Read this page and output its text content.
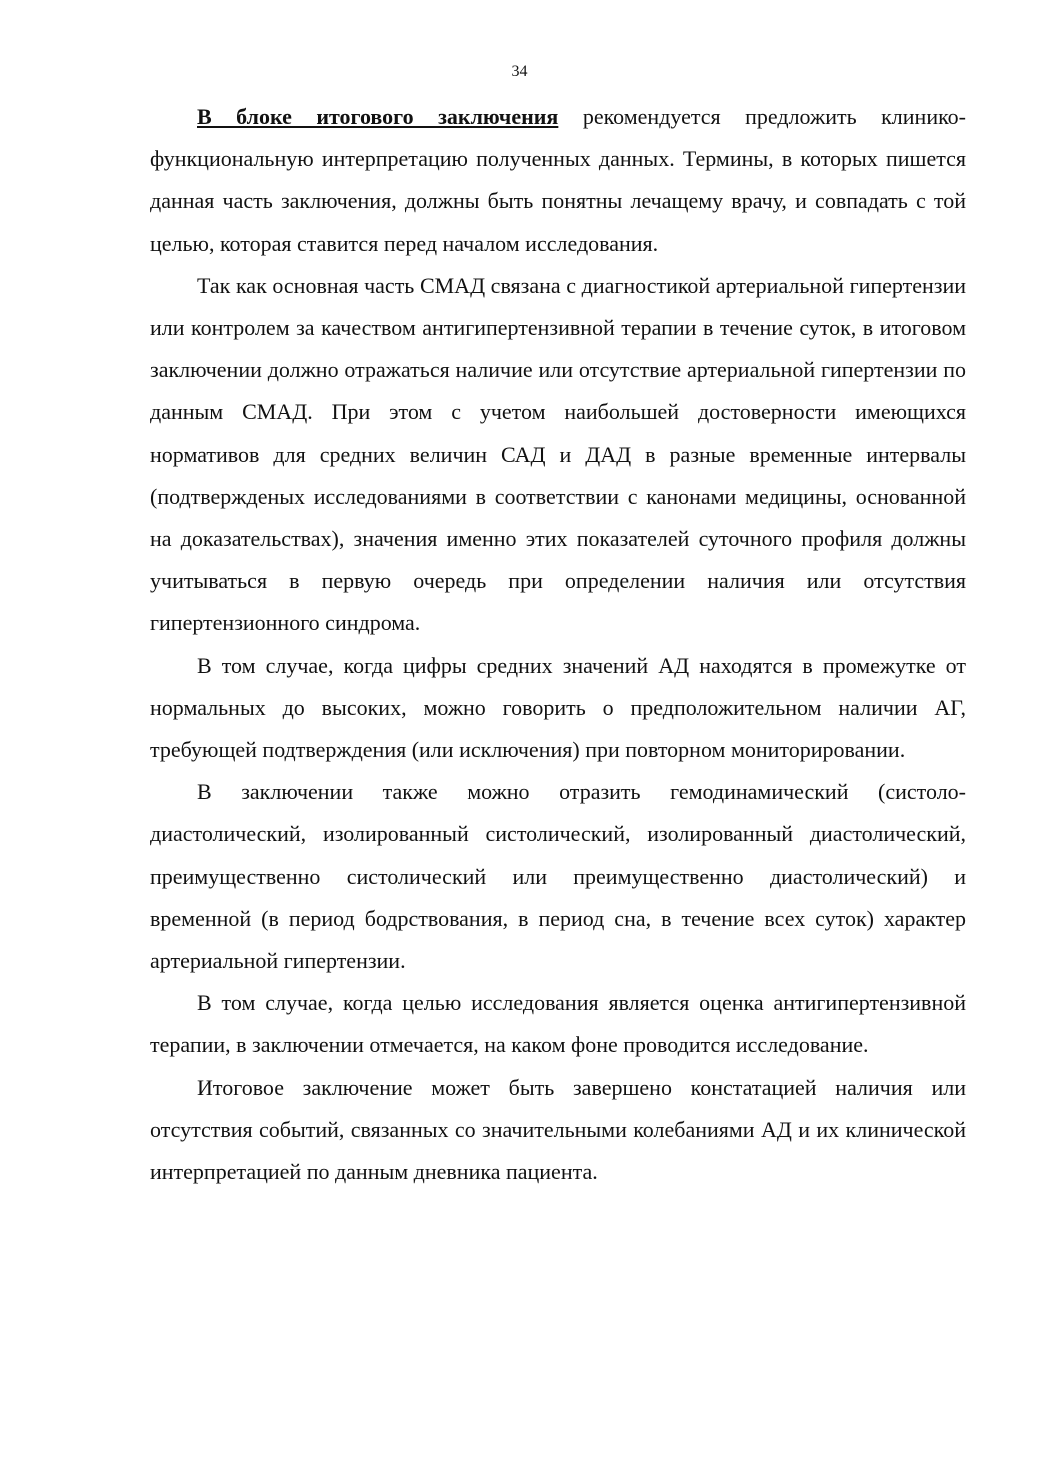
34

В блоке итогового заключения рекомендуется предложить клинико-функциональную интерпретацию полученных данных. Термины, в которых пишется данная часть заключения, должны быть понятны лечащему врачу, и совпадать с той целью, которая ставится перед началом исследования.

Так как основная часть СМАД связана с диагностикой артериальной гипертензии или контролем за качеством антигипертензивной терапии в течение суток, в итоговом заключении должно отражаться наличие или отсутствие артериальной гипертензии по данным СМАД. При этом с учетом наибольшей достоверности имеющихся нормативов для средних величин САД и ДАД в разные временные интервалы (подтвержденых исследованиями в соответствии с канонами медицины, основанной на доказательствах), значения именно этих показателей суточного профиля должны учитываться в первую очередь при определении наличия или отсутствия гипертензионного синдрома.

В том случае, когда цифры средних значений АД находятся в промежутке от нормальных до высоких, можно говорить о предположительном наличии АГ, требующей подтверждения (или исключения) при повторном мониторировании.

В заключении также можно отразить гемодинамический (систоло-диастолический, изолированный систолический, изолированный диастолический, преимущественно систолический или преимущественно диастолический) и временной (в период бодрствования, в период сна, в течение всех суток) характер артериальной гипертензии.

В том случае, когда целью исследования является оценка антигипертензивной терапии, в заключении отмечается, на каком фоне проводится исследование.

Итоговое заключение может быть завершено констатацией наличия или отсутствия событий, связанных со значительными колебаниями АД и их клинической интерпретацией по данным дневника пациента.
